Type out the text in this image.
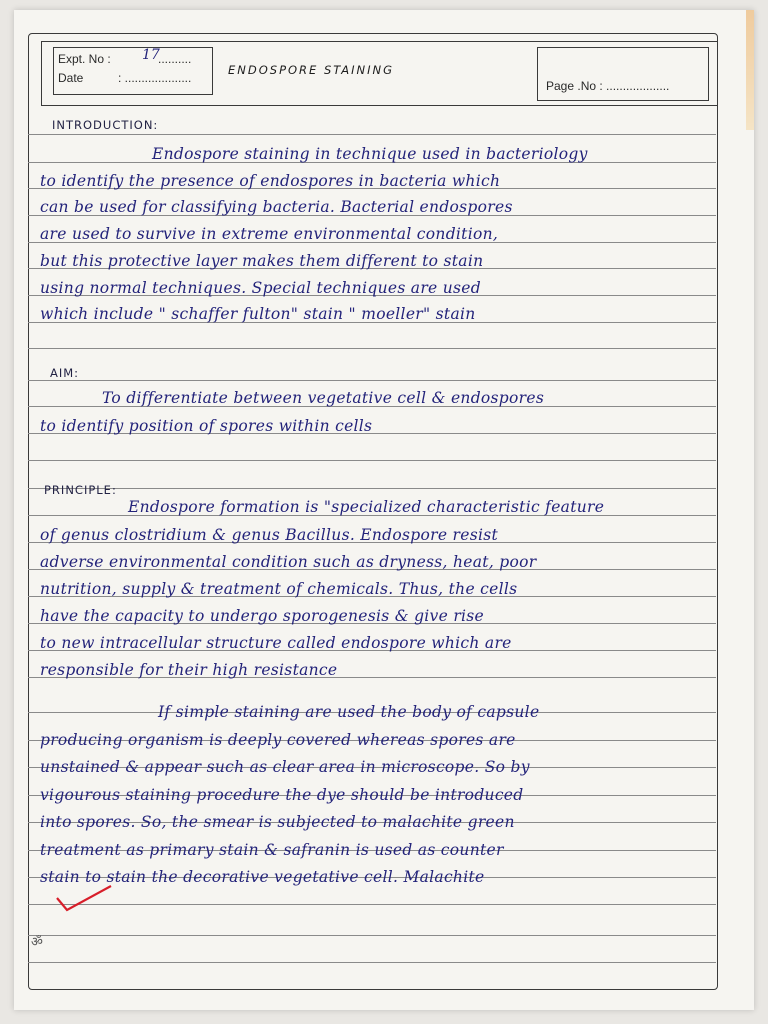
Expt. No : 17
..........
Date	: ....................
ENDOSPORE STAINING
Page .No : ...................
INTRODUCTION:
Endospore staining in technique used in bacteriology
to identify the presence of endospores in bacteria which
can be used for classifying bacteria. Bacterial endospores
are used to survive in extreme environmental condition,
but this protective layer makes them different to stain
using normal techniques. Special techniques are used
which include " schaffer fulton" stain " moeller" stain
AIM:
To differentiate between vegetative cell & endospores
to identify position of spores within cells
PRINCIPLE:
Endospore formation is "specialized characteristic feature
of genus clostridium & genus Bacillus. Endospore resist
adverse environmental condition such as dryness, heat, poor
nutrition, supply & treatment of chemicals. Thus, the cells
have the capacity to undergo sporogenesis & give rise
to new intracellular structure called endospore which are
responsible for their high resistance
If simple staining are used the body of capsule
producing organism is deeply covered whereas spores are
unstained & appear such as clear area in microscope. So by
vigourous staining procedure the dye should be introduced
into spores. So, the smear is subjected to malachite green
treatment as primary stain & safranin is used as counter
stain to stain the decorative vegetative cell. Malachite
ॐ
